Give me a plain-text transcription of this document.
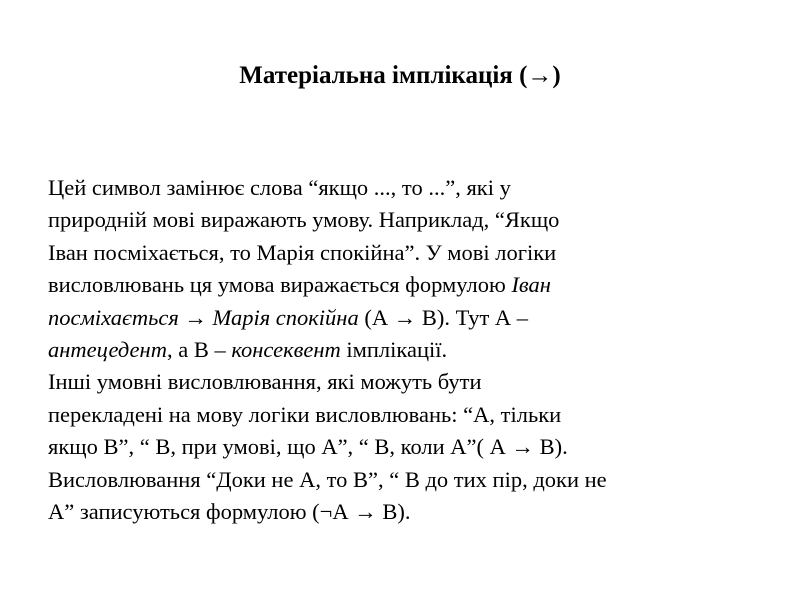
Матеріальна імплікація (→)
Цей символ замінює слова “якщо ..., то ...”, які у
природній мові виражають умову. Наприклад, “Якщо
Іван посміхається, то Марія спокійна”. У мові логіки
висловлювань ця умова виражається формулою Іван
посміхається → Марія спокійна (А → В). Тут А –
антецедент, а В – консеквент імплікації.
Інші умовні висловлювання, які можуть бути
перекладені на мову логіки висловлювань: “А, тільки
якщо В”, “ В, при умові, що А”, “ В, коли А”( А → В).
Висловлювання “Доки не А, то В”, “ В до тих пір, доки не
А” записуються формулою (¬А → В).
